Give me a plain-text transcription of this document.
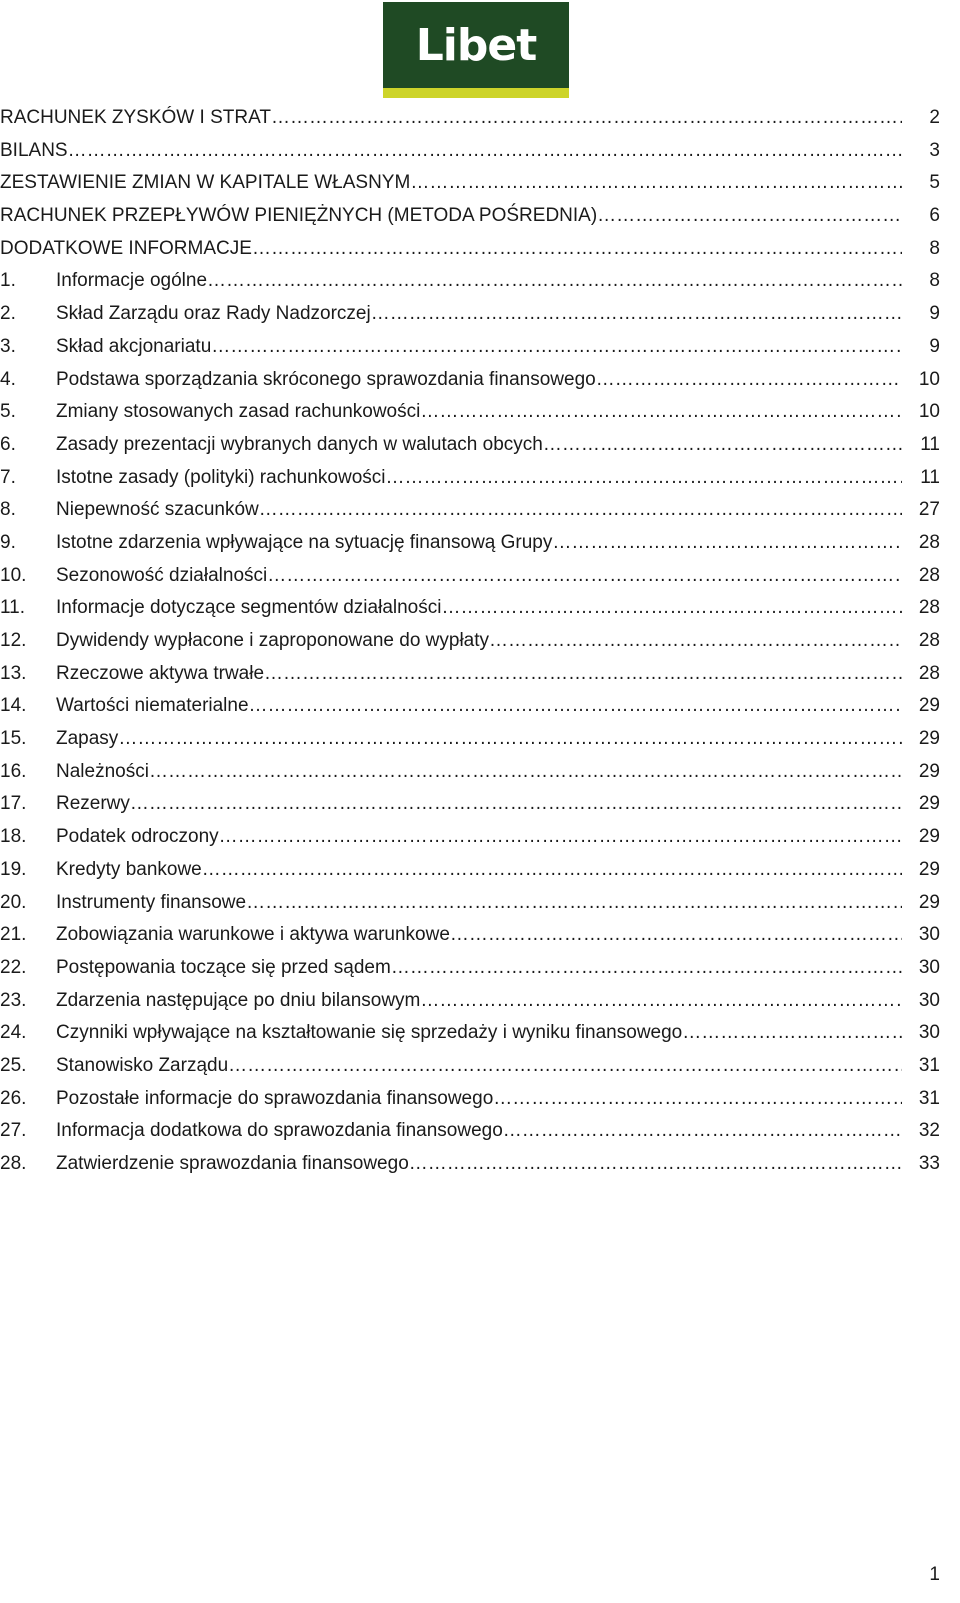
Libet
RACHUNEK ZYSKÓW I STRAT …………………………………………………………………………………………………………………………………………………………………………………………………………………	2
BILANS …………………………………………………………………………………………………………………………………………………………………………………………………………………	3
ZESTAWIENIE ZMIAN W KAPITALE WŁASNYM …………………………………………………………………………………………………………………………………………………………………………………………………………………	5
RACHUNEK PRZEPŁYWÓW PIENIĘŻNYCH (METODA POŚREDNIA) …………………………………………………………………………………………………………………………………………………………………………………………………………………	6
DODATKOWE INFORMACJE …………………………………………………………………………………………………………………………………………………………………………………………………………………	8
1.	Informacje ogólne …………………………………………………………………………………………………………………………………………………………………………………………………………………	8
2.	Skład Zarządu oraz Rady Nadzorczej …………………………………………………………………………………………………………………………………………………………………………………………………………………	9
3.	Skład akcjonariatu …………………………………………………………………………………………………………………………………………………………………………………………………………………	9
4.	Podstawa sporządzania skróconego sprawozdania finansowego …………………………………………………………………………………………………………………………………………………………………………………………………………………	10
5.	Zmiany stosowanych zasad rachunkowości …………………………………………………………………………………………………………………………………………………………………………………………………………………	10
6.	Zasady prezentacji wybranych danych w walutach obcych …………………………………………………………………………………………………………………………………………………………………………………………………………………	11
7.	Istotne zasady (polityki) rachunkowości …………………………………………………………………………………………………………………………………………………………………………………………………………………	11
8.	Niepewność szacunków …………………………………………………………………………………………………………………………………………………………………………………………………………………	27
9.	Istotne zdarzenia wpływające na sytuację finansową Grupy …………………………………………………………………………………………………………………………………………………………………………………………………………………	28
10.	Sezonowość działalności …………………………………………………………………………………………………………………………………………………………………………………………………………………	28
11.	Informacje dotyczące segmentów działalności …………………………………………………………………………………………………………………………………………………………………………………………………………………	28
12.	Dywidendy wypłacone i zaproponowane do wypłaty …………………………………………………………………………………………………………………………………………………………………………………………………………………	28
13.	Rzeczowe aktywa trwałe …………………………………………………………………………………………………………………………………………………………………………………………………………………	28
14.	Wartości niematerialne …………………………………………………………………………………………………………………………………………………………………………………………………………………	29
15.	Zapasy …………………………………………………………………………………………………………………………………………………………………………………………………………………	29
16.	Należności …………………………………………………………………………………………………………………………………………………………………………………………………………………	29
17.	Rezerwy …………………………………………………………………………………………………………………………………………………………………………………………………………………	29
18.	Podatek odroczony …………………………………………………………………………………………………………………………………………………………………………………………………………………	29
19.	Kredyty bankowe …………………………………………………………………………………………………………………………………………………………………………………………………………………	29
20.	Instrumenty finansowe …………………………………………………………………………………………………………………………………………………………………………………………………………………	29
21.	Zobowiązania warunkowe i aktywa warunkowe …………………………………………………………………………………………………………………………………………………………………………………………………………………	30
22.	Postępowania toczące się przed sądem …………………………………………………………………………………………………………………………………………………………………………………………………………………	30
23.	Zdarzenia następujące po dniu bilansowym …………………………………………………………………………………………………………………………………………………………………………………………………………………	30
24.	Czynniki wpływające na kształtowanie się sprzedaży i wyniku finansowego …………………………………………………………………………………………………………………………………………………………………………………………………………………	30
25.	Stanowisko Zarządu …………………………………………………………………………………………………………………………………………………………………………………………………………………	31
26.	Pozostałe informacje do sprawozdania finansowego …………………………………………………………………………………………………………………………………………………………………………………………………………………	31
27.	Informacja dodatkowa do sprawozdania finansowego …………………………………………………………………………………………………………………………………………………………………………………………………………………	32
28.	Zatwierdzenie sprawozdania finansowego …………………………………………………………………………………………………………………………………………………………………………………………………………………	33
1
